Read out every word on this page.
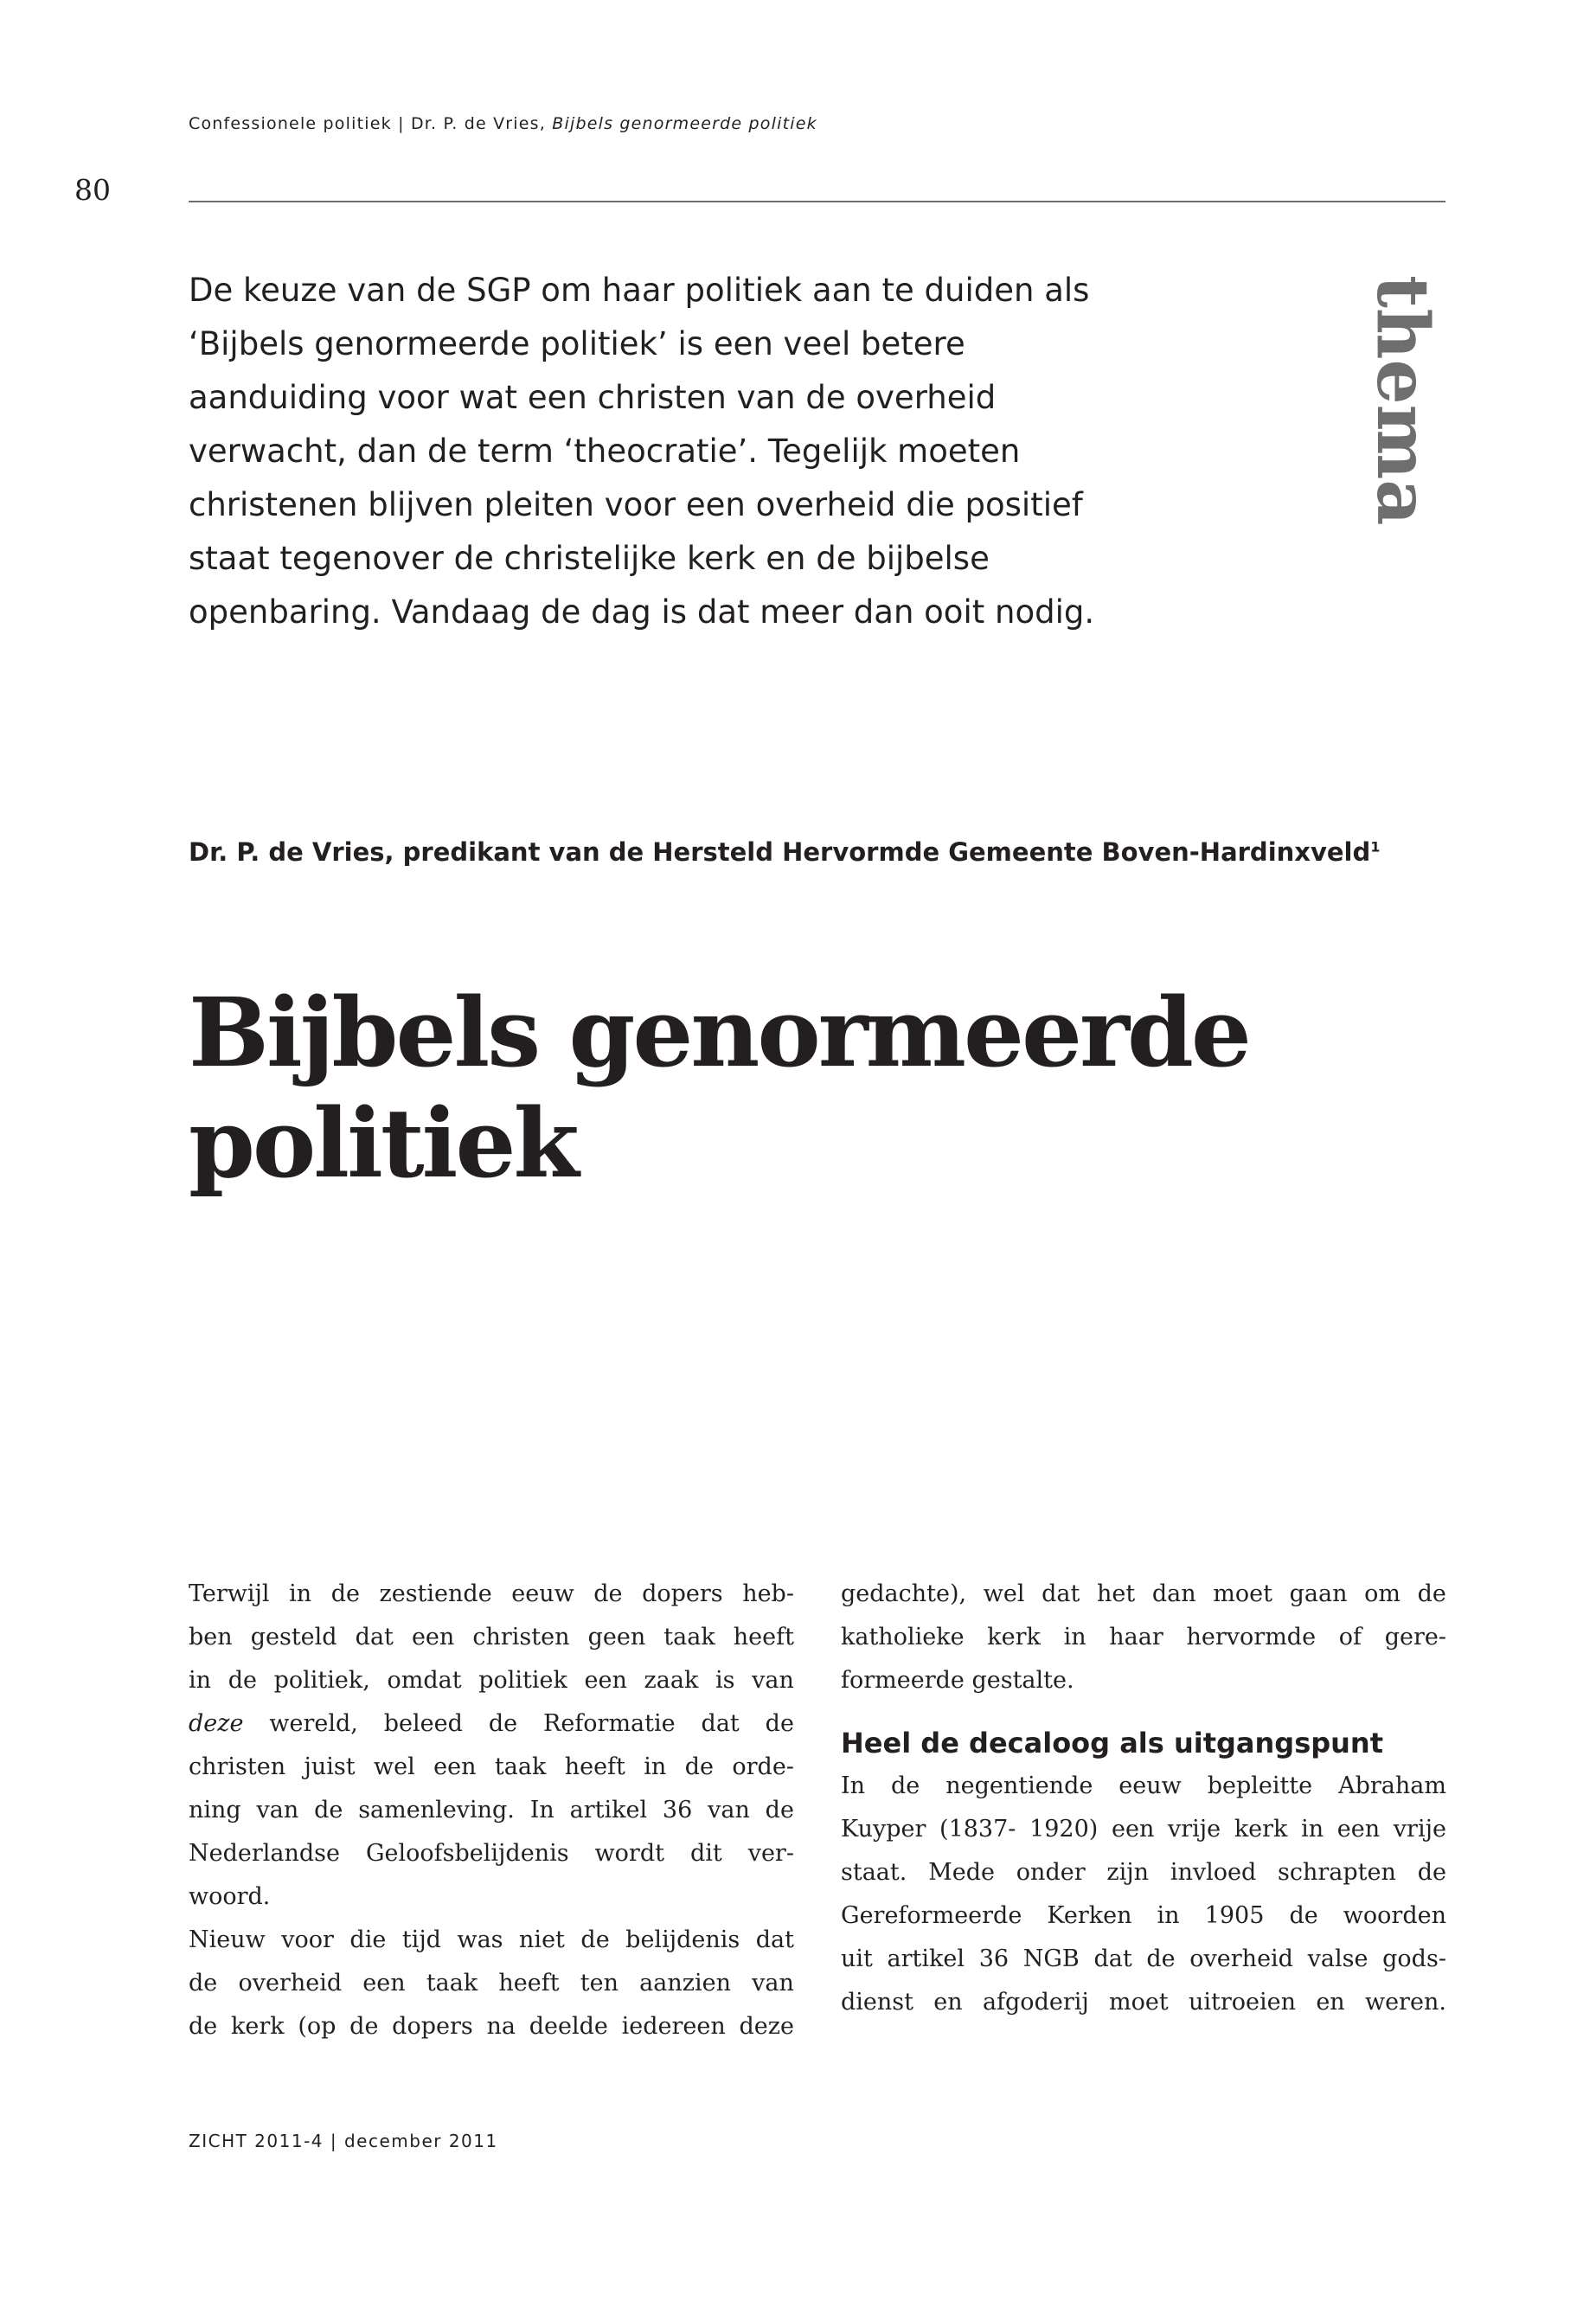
Confessionele politiek | Dr. P. de Vries, Bijbels genormeerde politiek
80
De keuze van de SGP om haar politiek aan te duiden als
‘Bijbels genormeerde politiek’ is een veel betere
aanduiding voor wat een christen van de overheid
verwacht, dan de term ‘theocratie’. Tegelijk moeten
christenen blijven pleiten voor een overheid die positief
staat tegenover de christelijke kerk en de bijbelse
openbaring. Vandaag de dag is dat meer dan ooit nodig.
thema
Dr. P. de Vries, predikant van de Hersteld Hervormde Gemeente Boven-Hardinxveld$^1$
Bijbels genormeerde
politiek
Terwijl in de zestiende eeuw de dopers heb-
ben gesteld dat een christen geen taak heeft
in de politiek, omdat politiek een zaak is van
deze wereld, beleed de Reformatie dat de
christen juist wel een taak heeft in de orde-
ning van de samenleving. In artikel 36 van de
Nederlandse Geloofsbelijdenis wordt dit ver-
woord.
Nieuw voor die tijd was niet de belijdenis dat
de overheid een taak heeft ten aanzien van
de kerk (op de dopers na deelde iedereen deze
gedachte), wel dat het dan moet gaan om de
katholieke kerk in haar hervormde of gere-
formeerde gestalte.
Heel de decaloog als uitgangspunt
In de negentiende eeuw bepleitte Abraham
Kuyper (1837- 1920) een vrije kerk in een vrije
staat. Mede onder zijn invloed schrapten de
Gereformeerde Kerken in 1905 de woorden
uit artikel 36 NGB dat de overheid valse gods-
dienst en afgoderij moet uitroeien en weren.
ZICHT 2011-4 | december 2011
